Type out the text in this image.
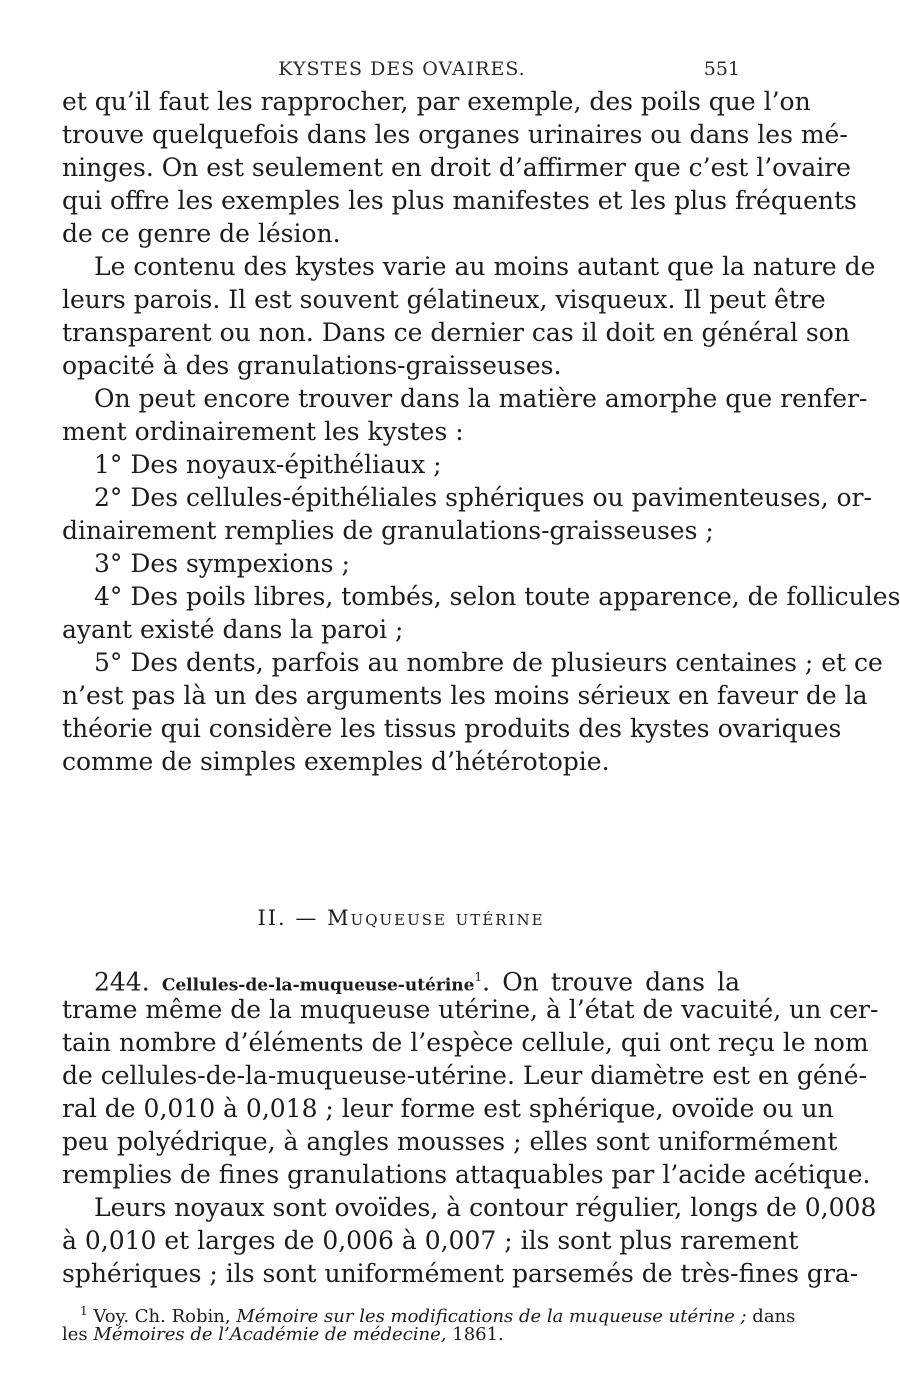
KYSTES DES OVAIRES.	551
et qu’il faut les rapprocher, par exemple, des poils que l’on
trouve quelquefois dans les organes urinaires ou dans les mé-
ninges. On est seulement en droit d’affirmer que c’est l’ovaire
qui offre les exemples les plus manifestes et les plus fréquents
de ce genre de lésion.
Le contenu des kystes varie au moins autant que la nature de
leurs parois. Il est souvent gélatineux, visqueux. Il peut être
transparent ou non. Dans ce dernier cas il doit en général son
opacité à des granulations-graisseuses.
On peut encore trouver dans la matière amorphe que renfer-
ment ordinairement les kystes :
1° Des noyaux-épithéliaux ;
2° Des cellules-épithéliales sphériques ou pavimenteuses, or-
dinairement remplies de granulations-graisseuses ;
3° Des sympexions ;
4° Des poils libres, tombés, selon toute apparence, de follicules
ayant existé dans la paroi ;
5° Des dents, parfois au nombre de plusieurs centaines ; et ce
n’est pas là un des arguments les moins sérieux en faveur de la
théorie qui considère les tissus produits des kystes ovariques
comme de simples exemples d’hétérotopie.
II. — Muqueuse utérine
244. Cellules-de-la-muqueuse-utérine$^1$. On trouve dans la
trame même de la muqueuse utérine, à l’état de vacuité, un cer-
tain nombre d’éléments de l’espèce cellule, qui ont reçu le nom
de cellules-de-la-muqueuse-utérine. Leur diamètre est en géné-
ral de 0,010 à 0,018 ; leur forme est sphérique, ovoïde ou un
peu polyédrique, à angles mousses ; elles sont uniformément
remplies de fines granulations attaquables par l’acide acétique.
Leurs noyaux sont ovoïdes, à contour régulier, longs de 0,008
à 0,010 et larges de 0,006 à 0,007 ; ils sont plus rarement
sphériques ; ils sont uniformément parsemés de très-fines gra-
$^1$ Voy. Ch. Robin, Mémoire sur les modifications de la muqueuse utérine ; dans
les Mémoires de l’Académie de médecine, 1861.
